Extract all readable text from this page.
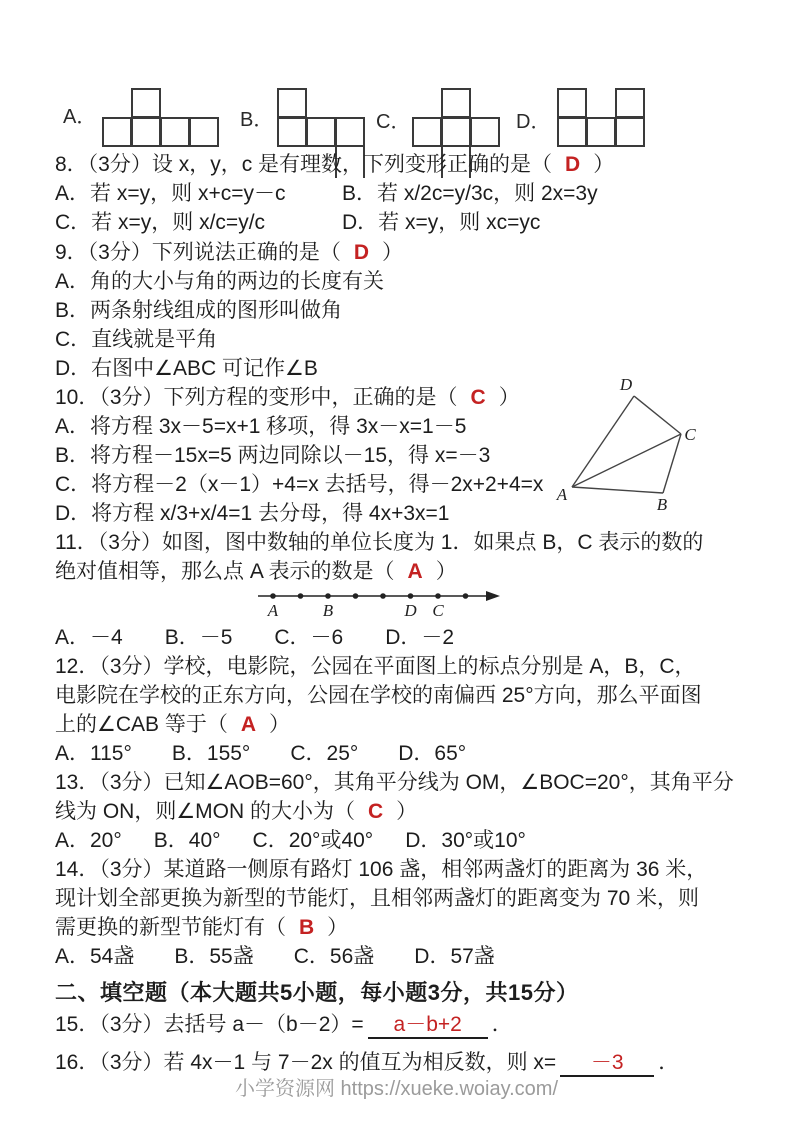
A．	B．	C．	D．
8．（3分）设 x，y，c 是有理数，下列变形正确的是（ D ）
A．若 x=y，则 x+c=y－c	B．若 x/2c=y/3c，则 2x=3y
C．若 x=y，则 x/c=y/c	D．若 x=y，则 xc=yc
9．（3分）下列说法正确的是（ D ）
A．角的大小与角的两边的长度有关
B．两条射线组成的图形叫做角
C．直线就是平角
D．右图中∠ABC 可记作∠B
10．（3分）下列方程的变形中，正确的是（ C ）
A．将方程 3x－5=x+1 移项，得 3x－x=1－5
B．将方程－15x=5 两边同除以－15，得 x=－3
C．将方程－2（x－1）+4=x 去括号，得－2x+2+4=x
D．将方程 x/3+x/4=1 去分母，得 4x+3x=1
D
C
A
B
11．（3分）如图，图中数轴的单位长度为 1．如果点 B，C 表示的数的
绝对值相等，那么点 A 表示的数是（ A ）
A	B	D C
A．－4 B．－5 C．－6 D．－2
12．（3分）学校，电影院，公园在平面图上的标点分别是 A，B，C，
电影院在学校的正东方向，公园在学校的南偏西 25°方向，那么平面图
上的∠CAB 等于（ A ）
A．115° B．155° C．25° D．65°
13．（3分）已知∠AOB=60°，其角平分线为 OM，∠BOC=20°，其角平分
线为 ON，则∠MON 的大小为（ C ）
A．20° B．40° C．20°或40° D．30°或10°
14．（3分）某道路一侧原有路灯 106 盏，相邻两盏灯的距离为 36 米，
现计划全部更换为新型的节能灯，且相邻两盏灯的距离变为 70 米，则
需更换的新型节能灯有（ B ）
A．54盏 B．55盏 C．56盏 D．57盏
二、填空题（本大题共5小题，每小题3分，共15分）
15．（3分）去括号 a－（b－2）= a－b+2 ．
16．（3分）若 4x－1 与 7－2x 的值互为相反数，则 x= －3 ．
小学资源网 https://xueke.woiay.com/
